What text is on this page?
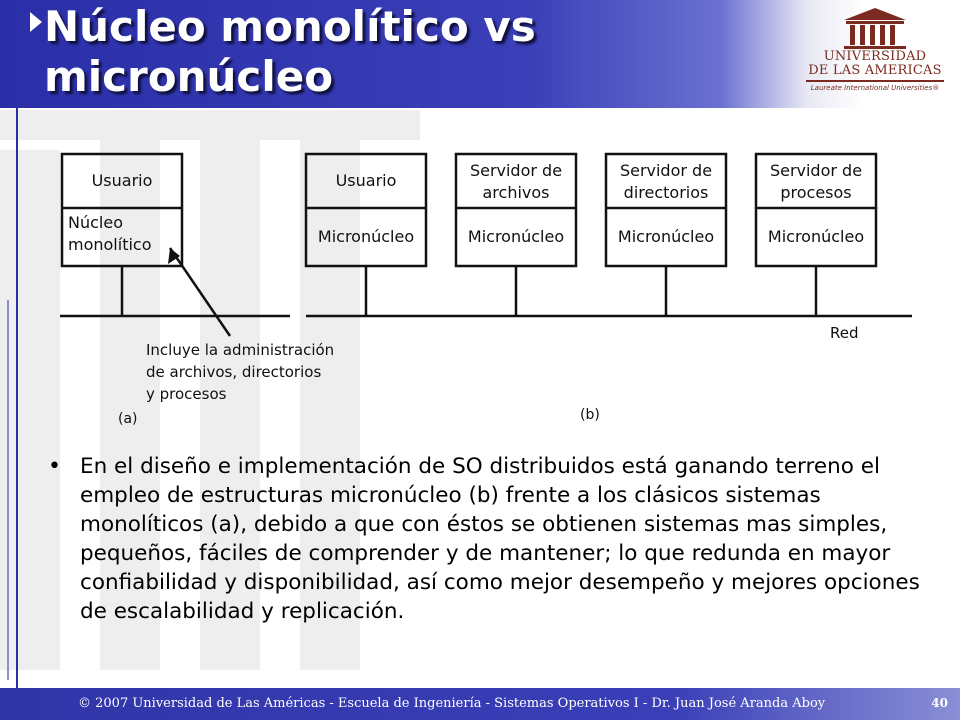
Núcleo monolítico vs micronúcleo	UNIVERSIDAD
DE LAS AMERICAS
Laureate International Universities®
Usuario
Núcleo
monolítico
Incluye la administración
de archivos, directorios
y procesos
(a)
Usuario
Micronúcleo
Servidor de
archivos
Micronúcleo
Servidor de
directorios
Micronúcleo
Servidor de
procesos
Micronúcleo
Red
(b)
• En el diseño e implementación de SO distribuidos está ganando terreno el empleo de estructuras micronúcleo (b) frente a los clásicos sistemas monolíticos (a), debido a que con éstos se obtienen sistemas mas simples, pequeños, fáciles de comprender y de mantener; lo que redunda en mayor confiabilidad y disponibilidad, así como mejor desempeño y mejores opciones de escalabilidad y replicación.
© 2007 Universidad de Las Américas - Escuela de Ingeniería - Sistemas Operativos I - Dr. Juan José Aranda Aboy	40
